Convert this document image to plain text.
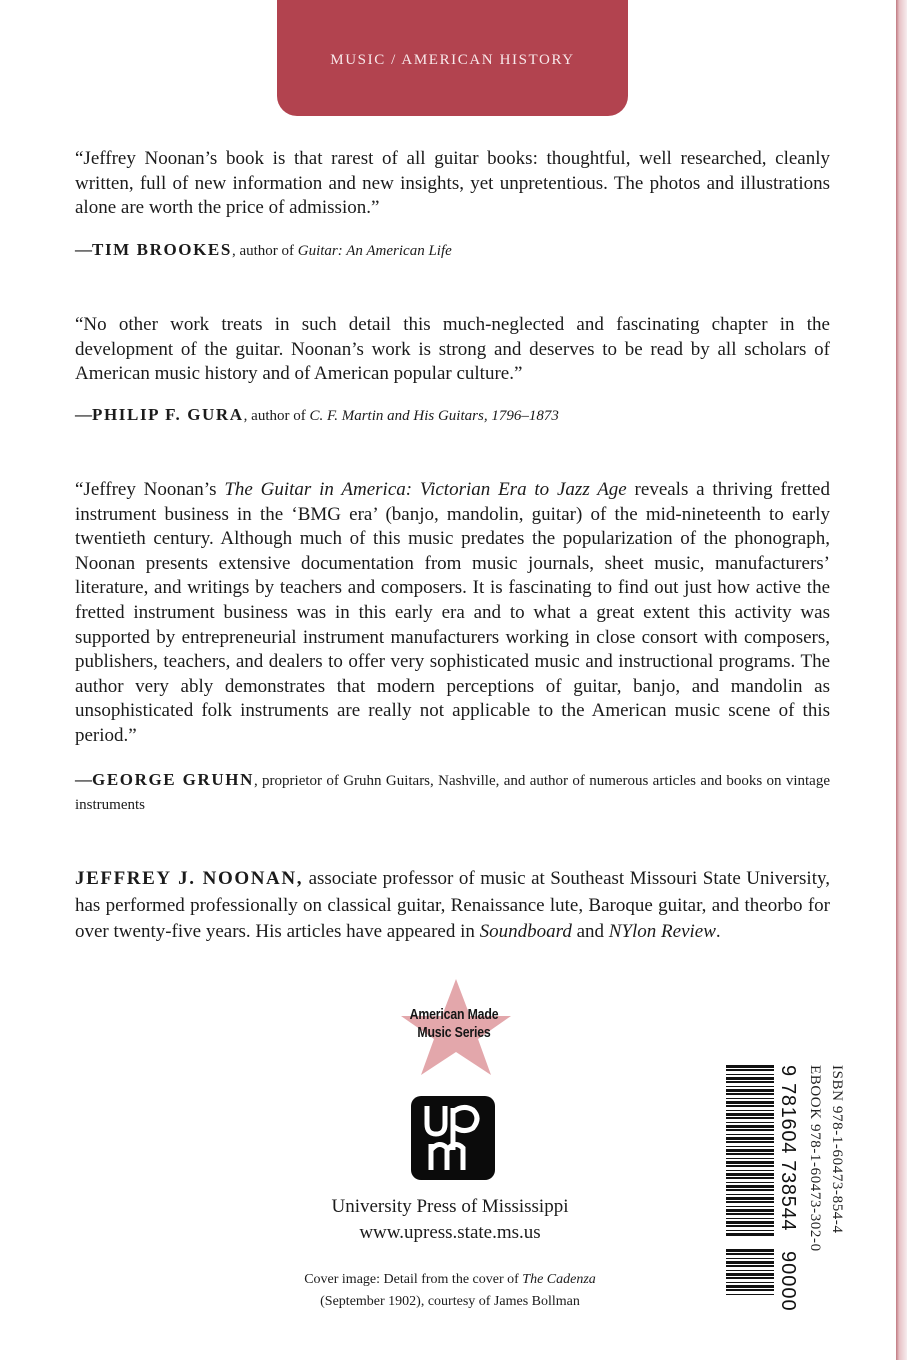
MUSIC / AMERICAN HISTORY

“Jeffrey Noonan’s book is that rarest of all guitar books: thoughtful, well researched, cleanly written, full of new information and new insights, yet unpretentious. The photos and illustrations alone are worth the price of admission.”

—TIM BROOKES, author of Guitar: An American Life

“No other work treats in such detail this much-neglected and fascinating chapter in the development of the guitar. Noonan’s work is strong and deserves to be read by all scholars of American music history and of American popular culture.”

—PHILIP F. GURA, author of C. F. Martin and His Guitars, 1796–1873

“Jeffrey Noonan’s The Guitar in America: Victorian Era to Jazz Age reveals a thriving fretted instrument business in the ‘BMG era’ (banjo, mandolin, guitar) of the mid-nineteenth to early twentieth century. Although much of this music predates the popularization of the phonograph, Noonan presents extensive documentation from music journals, sheet music, manufacturers’ literature, and writings by teachers and composers. It is fascinating to find out just how active the fretted instrument business was in this early era and to what a great extent this activity was supported by entrepreneurial instrument manufacturers working in close consort with composers, publishers, teachers, and dealers to offer very sophisticated music and instructional programs. The author very ably demonstrates that modern perceptions of guitar, banjo, and mandolin as unsophisticated folk instruments are really not applicable to the American music scene of this period.”

—GEORGE GRUHN, proprietor of Gruhn Guitars, Nashville, and author of numerous articles and books on vintage instruments

JEFFREY J. NOONAN, associate professor of music at Southeast Missouri State University, has performed professionally on classical guitar, Renaissance lute, Baroque guitar, and theorbo for over twenty-five years. His articles have appeared in Soundboard and NYlon Review.

American Made
Music Series
University Press of Mississippi
www.upress.state.ms.us
Cover image: Detail from the cover of The Cadenza
(September 1902), courtesy of James Bollman
ISBN 978-1-60473-854-4
EBOOK 978-1-60473-302-0
9 781604 738544
90000
